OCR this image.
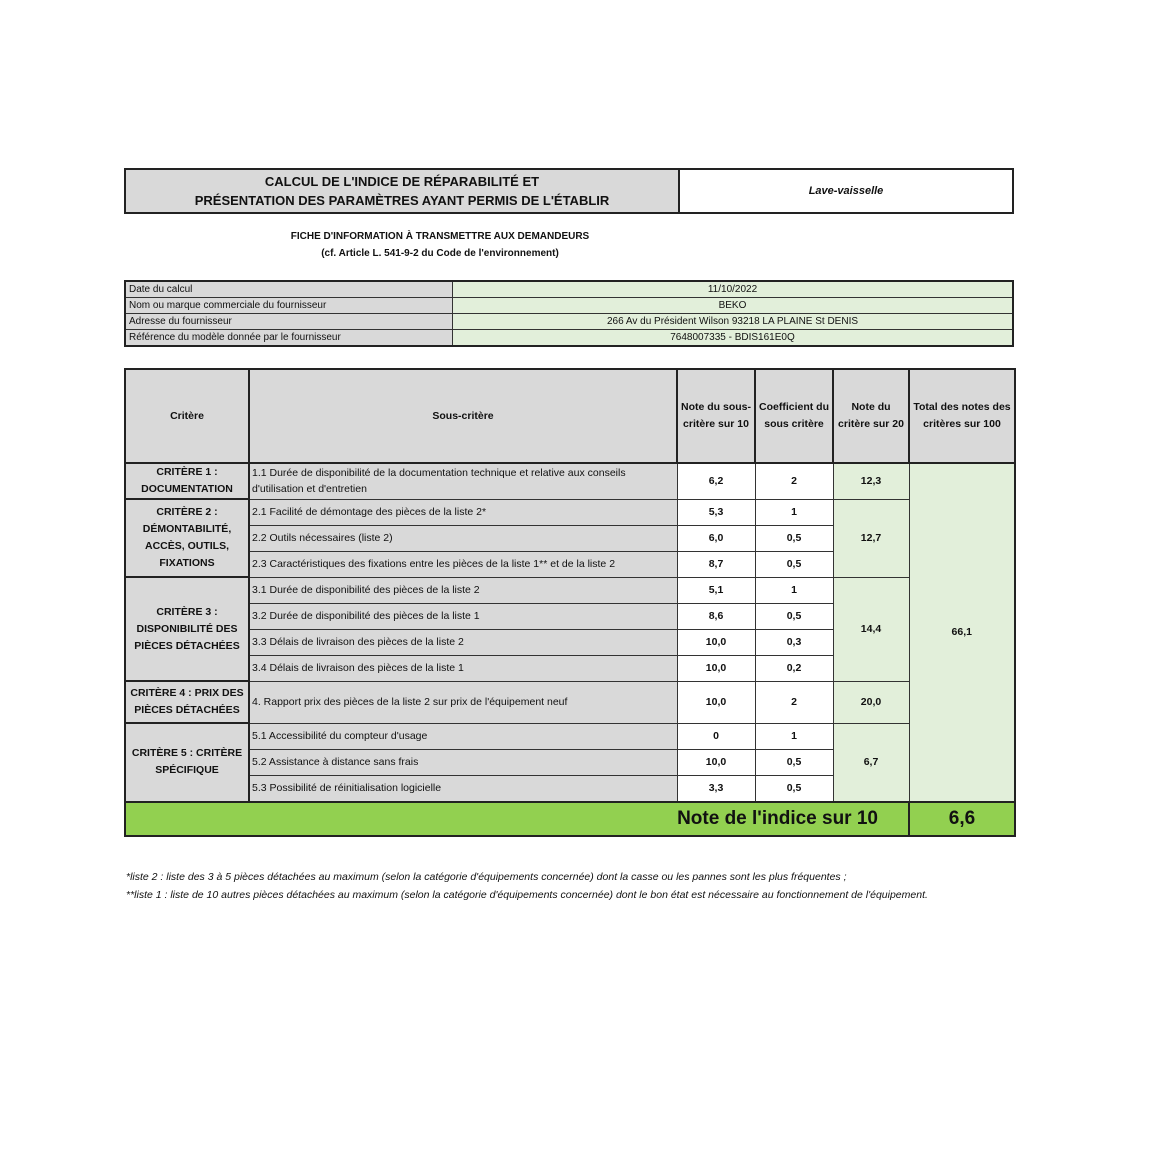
CALCUL DE L'INDICE DE RÉPARABILITÉ ET
PRÉSENTATION DES PARAMÈTRES AYANT PERMIS DE L'ÉTABLIR
Lave-vaisselle
FICHE D'INFORMATION À TRANSMETTRE AUX DEMANDEURS
(cf. Article L. 541-9-2 du Code de l'environnement)
Date du calcul	11/10/2022
Nom ou marque commerciale du fournisseur	BEKO
Adresse du fournisseur	266 Av du Président Wilson 93218 LA PLAINE St DENIS
Référence du modèle donnée par le fournisseur	7648007335 - BDIS161E0Q
Critère	Sous-critère	Note du sous-critère sur 10	Coefficient du sous critère	Note du critère sur 20	Total des notes des critères sur 100
CRITÈRE 1 : DOCUMENTATION	1.1 Durée de disponibilité de la documentation technique et relative aux conseils d'utilisation et d'entretien	6,2	2	12,3	66,1
CRITÈRE 2 : DÉMONTABILITÉ, ACCÈS, OUTILS, FIXATIONS	2.1 Facilité de démontage des pièces de la liste 2*	5,3	1	12,7	
	2.2 Outils nécessaires (liste 2)	6,0	0,5		
	2.3 Caractéristiques des fixations entre les pièces de la liste 1** et de la liste 2	8,7	0,5		
CRITÈRE 3 : DISPONIBILITÉ DES PIÈCES DÉTACHÉES	3.1 Durée de disponibilité des pièces de la liste 2	5,1	1	14,4	
	3.2 Durée de disponibilité des pièces de la liste 1	8,6	0,5		
	3.3 Délais de livraison des pièces de la liste 2	10,0	0,3		
	3.4 Délais de livraison des pièces de la liste 1	10,0	0,2		
CRITÈRE 4 : PRIX DES PIÈCES DÉTACHÉES	4. Rapport prix des pièces de la liste 2 sur prix de l'équipement neuf	10,0	2	20,0	
CRITÈRE 5 : CRITÈRE SPÉCIFIQUE	5.1 Accessibilité du compteur d'usage	0	1	6,7	
	5.2 Assistance à distance sans frais	10,0	0,5		
	5.3 Possibilité de réinitialisation logicielle	3,3	0,5		
Note de l'indice sur 10					6,6
*liste 2 : liste des 3 à 5 pièces détachées au maximum (selon la catégorie d'équipements concernée) dont la casse ou les pannes sont les plus fréquentes ;
**liste 1 : liste de 10 autres pièces détachées au maximum (selon la catégorie d'équipements concernée) dont le bon état est nécessaire au fonctionnement de l'équipement.
